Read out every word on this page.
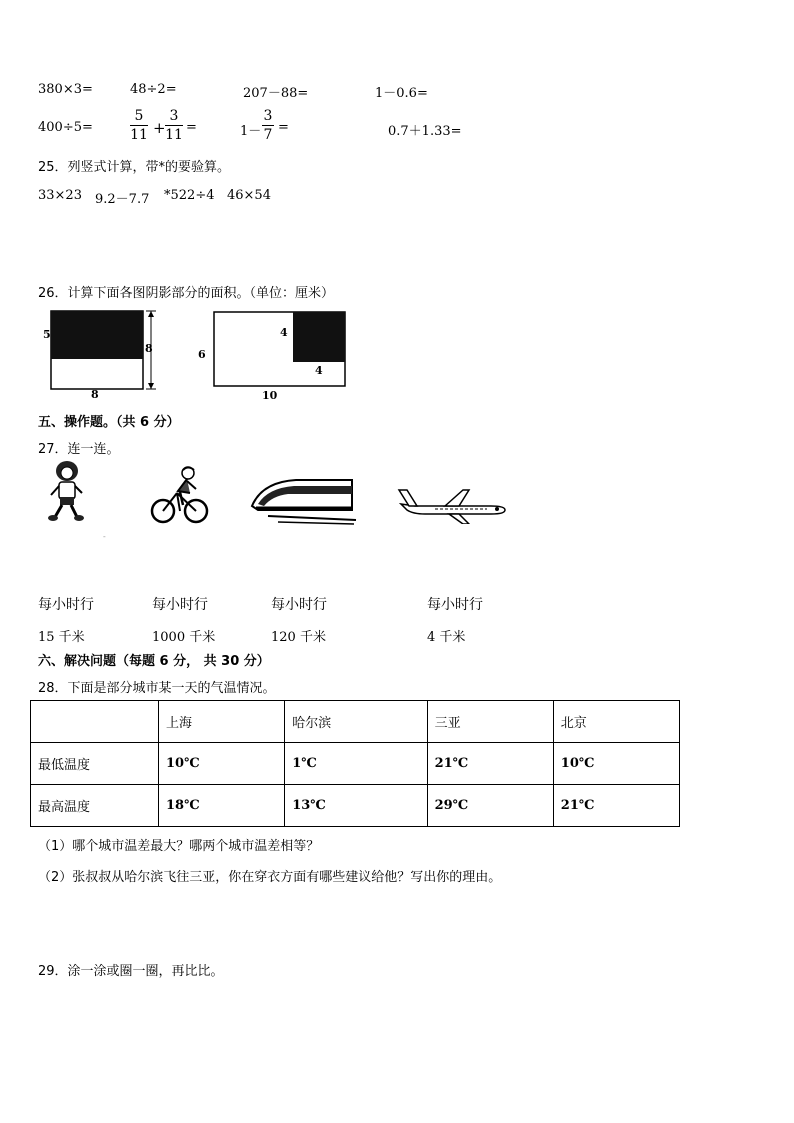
380×3=	48÷2=	207－88=	1－0.6=
400÷5=
5
11 +
3
11 =	1－
3
7 =	0.7＋1.33=
25．列竖式计算，带*的要验算。
33×23 9.2－7.7 *522÷4 46×54
26．计算下面各图阴影部分的面积。（单位：厘米）
5
8
8
6
4
4
10
五、操作题。（共 6 分）
27．连一连。
-
每小时行	每小时行	每小时行	每小时行
15 千米	1000 千米	120 千米	4 千米
六、解决问题（每题 6 分， 共 30 分）
28．下面是部分城市某一天的气温情况。
	上海	哈尔滨	三亚	北京
最低温度	10℃	1℃	21℃	10℃
最高温度	18℃	13℃	29℃	21℃
（1）哪个城市温差最大？哪两个城市温差相等？
（2）张叔叔从哈尔滨飞往三亚，你在穿衣方面有哪些建议给他？写出你的理由。
29．涂一涂或圈一圈，再比比。
